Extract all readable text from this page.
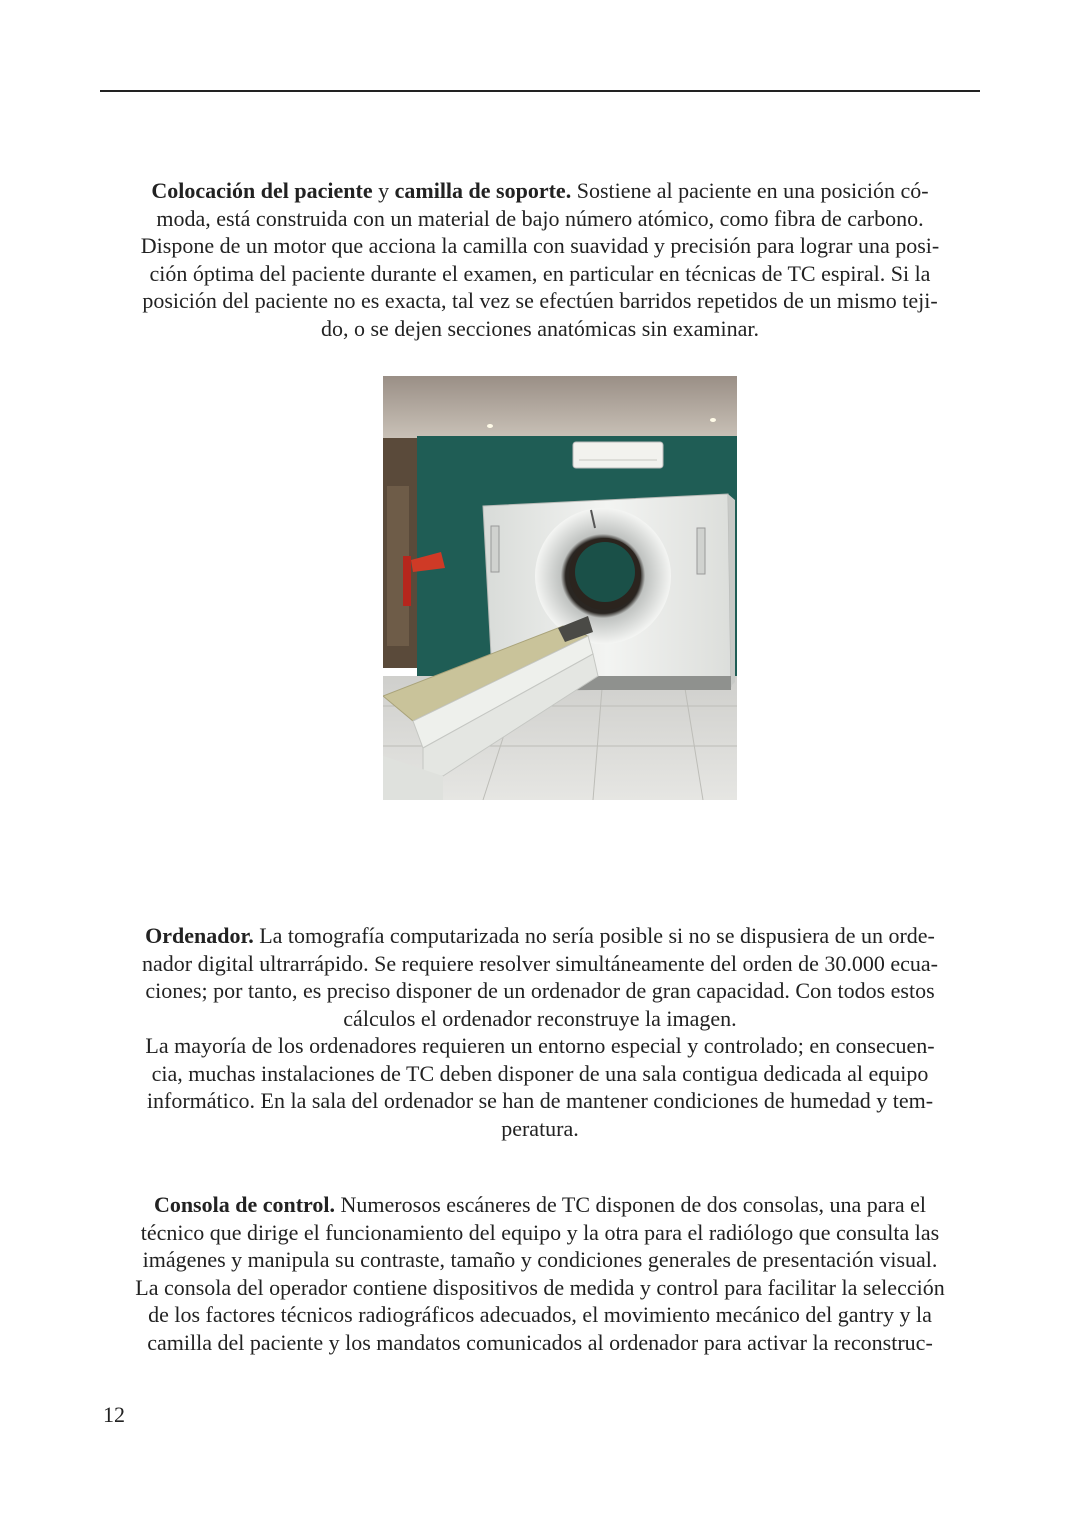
Colocación del paciente y camilla de soporte. Sostiene al paciente en una posición có-
moda, está construida con un material de bajo número atómico, como fibra de carbono.
Dispone de un motor que acciona la camilla con suavidad y precisión para lograr una posi-
ción óptima del paciente durante el examen, en particular en técnicas de TC espiral. Si la
posición del paciente no es exacta, tal vez se efectúen barridos repetidos de un mismo teji-
do, o se dejen secciones anatómicas sin examinar.
Ordenador. La tomografía computarizada no sería posible si no se dispusiera de un orde-
nador digital ultrarrápido. Se requiere resolver simultáneamente del orden de 30.000 ecua-
ciones; por tanto, es preciso disponer de un ordenador de gran capacidad. Con todos estos
cálculos el ordenador reconstruye la imagen.
La mayoría de los ordenadores requieren un entorno especial y controlado; en consecuen-
cia, muchas instalaciones de TC deben disponer de una sala contigua dedicada al equipo
informático. En la sala del ordenador se han de mantener condiciones de humedad y tem-
peratura.
Consola de control. Numerosos escáneres de TC disponen de dos consolas, una para el
técnico que dirige el funcionamiento del equipo y la otra para el radiólogo que consulta las
imágenes y manipula su contraste, tamaño y condiciones generales de presentación visual.
La consola del operador contiene dispositivos de medida y control para facilitar la selección
de los factores técnicos radiográficos adecuados, el movimiento mecánico del gantry y la
camilla del paciente y los mandatos comunicados al ordenador para activar la reconstruc-
12
